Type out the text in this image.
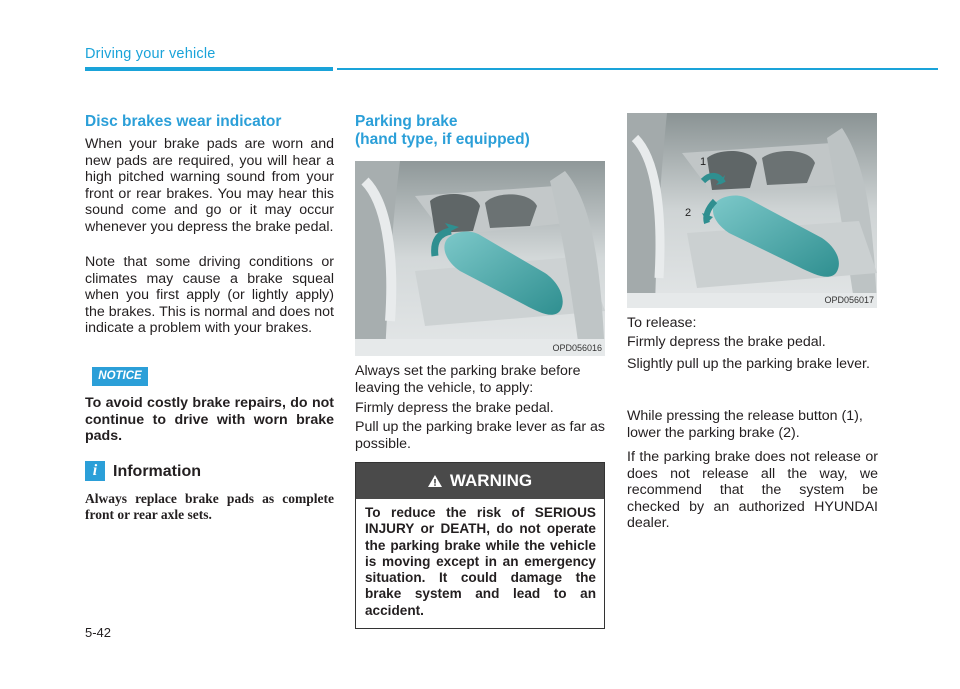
Driving your vehicle
Disc brakes wear indicator

When your brake pads are worn and new pads are required, you will hear a high pitched warning sound from your front or rear brakes. You may hear this sound come and go or it may occur whenever you depress the brake pedal.

Note that some driving conditions or climates may cause a brake squeal when you first apply (or lightly apply) the brakes. This is normal and does not indicate a problem with your brakes.

NOTICE

To avoid costly brake repairs, do not continue to drive with worn brake pads.

i Information
Always replace brake pads as complete front or rear axle sets.
Parking brake
(hand type, if equipped)
OPD056016

Always set the parking brake before leaving the vehicle, to apply:

Firmly depress the brake pedal.

Pull up the parking brake lever as far as possible.

WARNING
To reduce the risk of SERIOUS INJURY or DEATH, do not operate the parking brake while the vehicle is moving except in an emergency situation. It could damage the brake system and lead to an accident.
1
2
OPD056017

To release:

Firmly depress the brake pedal.

Slightly pull up the parking brake lever.

While pressing the release button (1), lower the parking brake (2).

If the parking brake does not release or does not release all the way, we recommend that the system be checked by an authorized HYUNDAI dealer.

5-42
